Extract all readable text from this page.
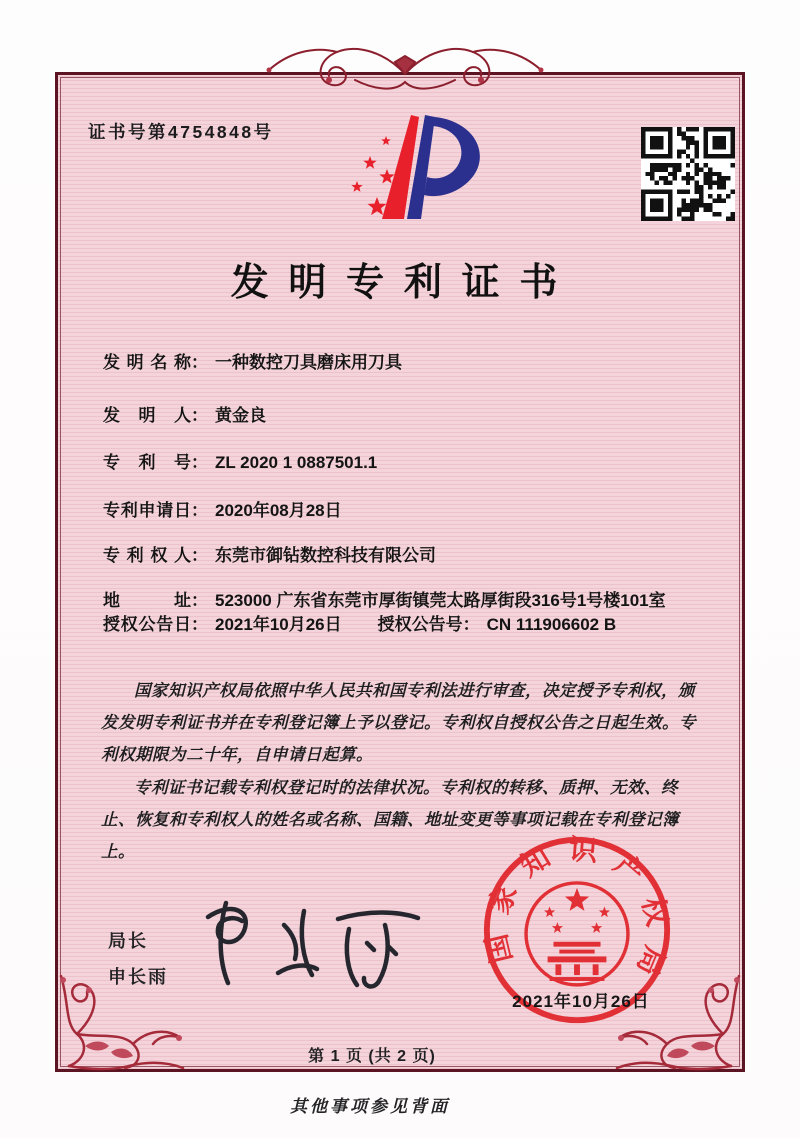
证书号第4754848号
发明专利证书
发明名称 ： 一种数控刀具磨床用刀具
发明人 ： 黄金良
专利号 ： ZL 2020 1 0887501.1
专利申请日 ： 2020年08月28日
专利权人 ： 东莞市御钻数控科技有限公司
地址 ： 523000 广东省东莞市厚街镇莞太路厚街段316号1号楼101室
授权公告日 ： 2021年10月26日 授权公告号 ： CN 111906602 B

国家知识产权局依照中华人民共和国专利法进行审查，决定授予专利权，颁发发明专利证书并在专利登记簿上予以登记。专利权自授权公告之日起生效。专利权期限为二十年，自申请日起算。

专利证书记载专利权登记时的法律状况。专利权的转移、质押、无效、终止、恢复和专利权人的姓名或名称、国籍、地址变更等事项记载在专利登记簿上。

局长
申长雨
国家知识产权局
2021年10月26日
第 1 页 (共 2 页)
其他事项参见背面
